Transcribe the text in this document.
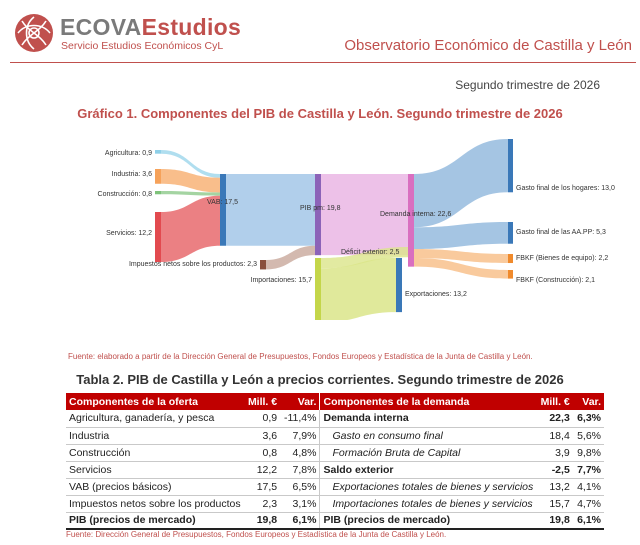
ECOVAEstudios
Servicio Estudios Económicos CyL	Observatorio Económico de Castilla y León
Segundo trimestre de 2026
Gráfico 1. Componentes del PIB de Castilla y León. Segundo trimestre de 2026
Agricultura: 0,9
Industria: 3,6
Construcción: 0,8
Servicios: 12,2
Impuestos netos sobre los productos: 2,3
VAB: 17,5
PIB pm: 19,8
Importaciones: 15,7
Demanda interna: 22,6
Déficit exterior: 2,5
Gasto final de los hogares: 13,0
Gasto final de las AA.PP: 5,3
FBKF (Bienes de equipo): 2,2
FBKF (Construcción): 2,1
Exportaciones: 13,2
Fuente: elaborado a partir de la Dirección General de Presupuestos, Fondos Europeos y Estadística de la Junta de Castilla y León.
Tabla 2. PIB de Castilla y León a precios corrientes. Segundo trimestre de 2026
Componentes de la oferta	Mill. €	Var.	Componentes de la demanda	Mill. €	Var.
Agricultura, ganadería, y pesca	0,9	-11,4%	Demanda interna	22,3	6,3%
Industria	3,6	7,9%	Gasto en consumo final	18,4	5,6%
Construcción	0,8	4,8%	Formación Bruta de Capital	3,9	9,8%
Servicios	12,2	7,8%	Saldo exterior	-2,5	7,7%
VAB (precios básicos)	17,5	6,5%	Exportaciones totales de bienes y servicios	13,2	4,1%
Impuestos netos sobre los productos	2,3	3,1%	Importaciones totales de bienes y servicios	15,7	4,7%
PIB (precios de mercado)	19,8	6,1%	PIB (precios de mercado)	19,8	6,1%
Fuente: Dirección General de Presupuestos, Fondos Europeos y Estadística de la Junta de Castilla y León.
